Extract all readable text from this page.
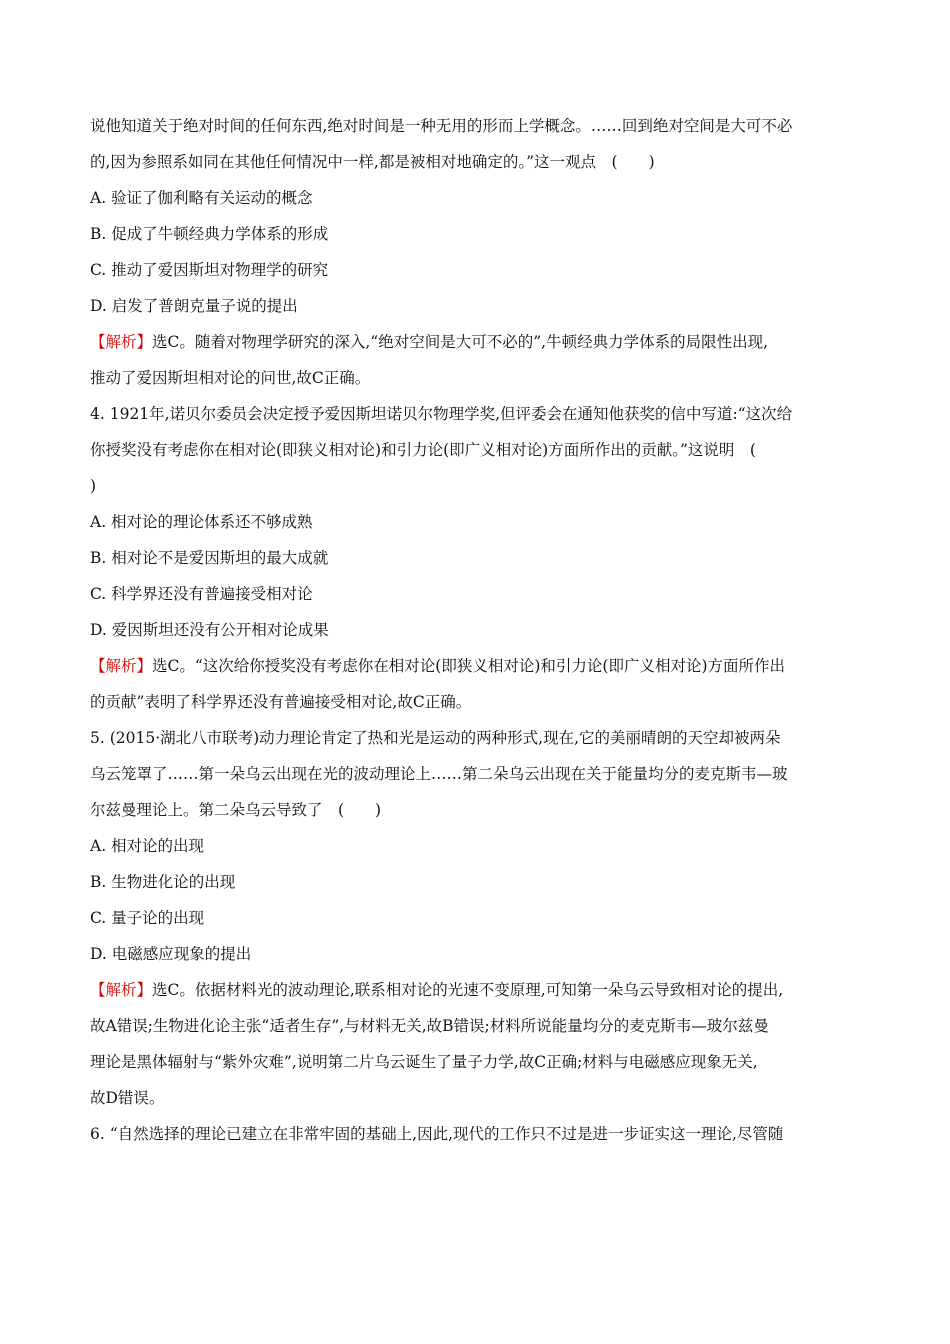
说他知道关于绝对时间的任何东西,绝对时间是一种无用的形而上学概念。……回到绝对空间是大可不必
的,因为参照系如同在其他任何情况中一样,都是被相对地确定的。”这一观点　(　　)
A. 验证了伽利略有关运动的概念
B. 促成了牛顿经典力学体系的形成
C. 推动了爱因斯坦对物理学的研究
D. 启发了普朗克量子说的提出
【解析】选C。随着对物理学研究的深入,“绝对空间是大可不必的”,牛顿经典力学体系的局限性出现,
推动了爱因斯坦相对论的问世,故C正确。
4. 1921年,诺贝尔委员会决定授予爱因斯坦诺贝尔物理学奖,但评委会在通知他获奖的信中写道:“这次给
你授奖没有考虑你在相对论(即狭义相对论)和引力论(即广义相对论)方面所作出的贡献。”这说明　(
)
A. 相对论的理论体系还不够成熟
B. 相对论不是爱因斯坦的最大成就
C. 科学界还没有普遍接受相对论
D. 爱因斯坦还没有公开相对论成果
【解析】选C。“这次给你授奖没有考虑你在相对论(即狭义相对论)和引力论(即广义相对论)方面所作出
的贡献”表明了科学界还没有普遍接受相对论,故C正确。
5. (2015·湖北八市联考)动力理论肯定了热和光是运动的两种形式,现在,它的美丽晴朗的天空却被两朵
乌云笼罩了……第一朵乌云出现在光的波动理论上……第二朵乌云出现在关于能量均分的麦克斯韦—玻
尔兹曼理论上。第二朵乌云导致了　(　　)
A. 相对论的出现
B. 生物进化论的出现
C. 量子论的出现
D. 电磁感应现象的提出
【解析】选C。依据材料光的波动理论,联系相对论的光速不变原理,可知第一朵乌云导致相对论的提出,
故A错误;生物进化论主张“适者生存”,与材料无关,故B错误;材料所说能量均分的麦克斯韦—玻尔兹曼
理论是黑体辐射与“紫外灾难”,说明第二片乌云诞生了量子力学,故C正确;材料与电磁感应现象无关,
故D错误。
6. “自然选择的理论已建立在非常牢固的基础上,因此,现代的工作只不过是进一步证实这一理论,尽管随
